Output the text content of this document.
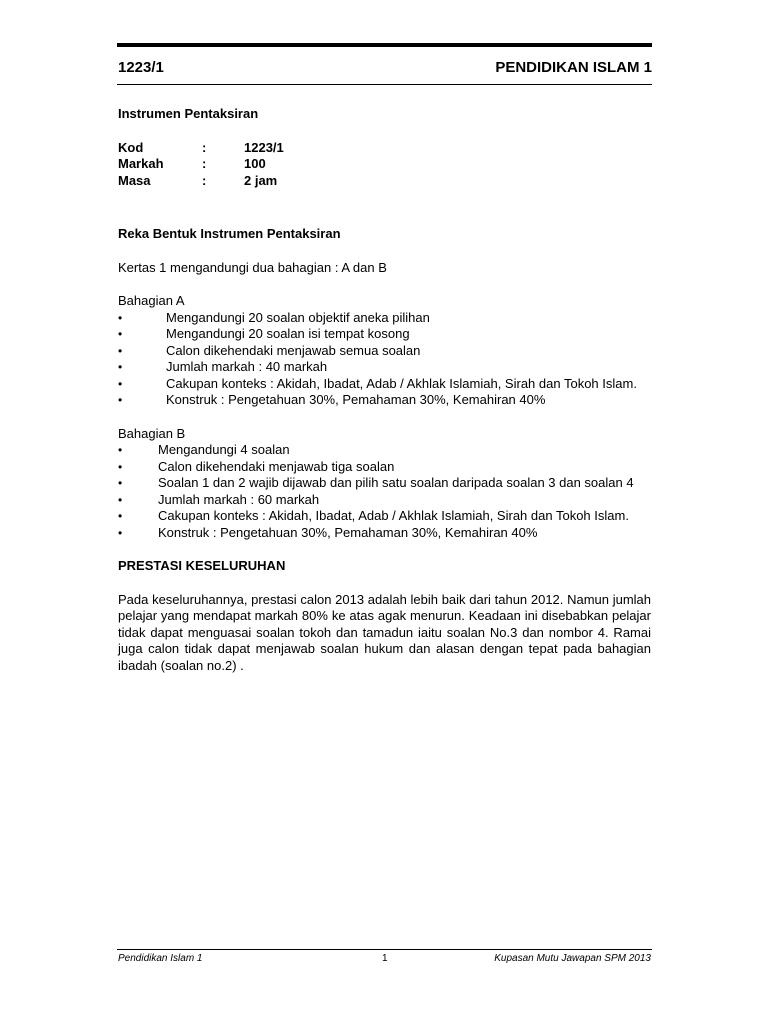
1223/1	PENDIDIKAN ISLAM 1
Instrumen Pentaksiran
Kod	:	1223/1
Markah	:	100
Masa	:	2 jam
Reka Bentuk Instrumen Pentaksiran
Kertas 1 mengandungi dua bahagian : A dan B
Bahagian A
Mengandungi 20 soalan objektif aneka pilihan
Mengandungi 20 soalan isi tempat kosong
Calon dikehendaki menjawab semua soalan
Jumlah markah : 40 markah
Cakupan konteks : Akidah, Ibadat, Adab / Akhlak Islamiah, Sirah dan Tokoh Islam.
Konstruk : Pengetahuan 30%, Pemahaman 30%, Kemahiran 40%
Bahagian B
Mengandungi 4 soalan
Calon dikehendaki menjawab tiga soalan
Soalan 1 dan 2 wajib dijawab dan pilih satu soalan daripada soalan 3 dan soalan 4
Jumlah markah : 60 markah
Cakupan konteks : Akidah, Ibadat, Adab / Akhlak Islamiah, Sirah dan Tokoh Islam.
Konstruk : Pengetahuan 30%, Pemahaman 30%, Kemahiran 40%
PRESTASI KESELURUHAN

Pada keseluruhannya, prestasi calon 2013 adalah lebih baik dari tahun 2012. Namun jumlah pelajar yang mendapat markah 80% ke atas agak menurun. Keadaan ini disebabkan pelajar tidak dapat menguasai soalan tokoh dan tamadun iaitu soalan No.3 dan nombor 4. Ramai juga calon tidak dapat menjawab soalan hukum dan alasan dengan tepat pada bahagian ibadah (soalan no.2) .

Pendidikan Islam 1	1	Kupasan Mutu Jawapan SPM 2013
